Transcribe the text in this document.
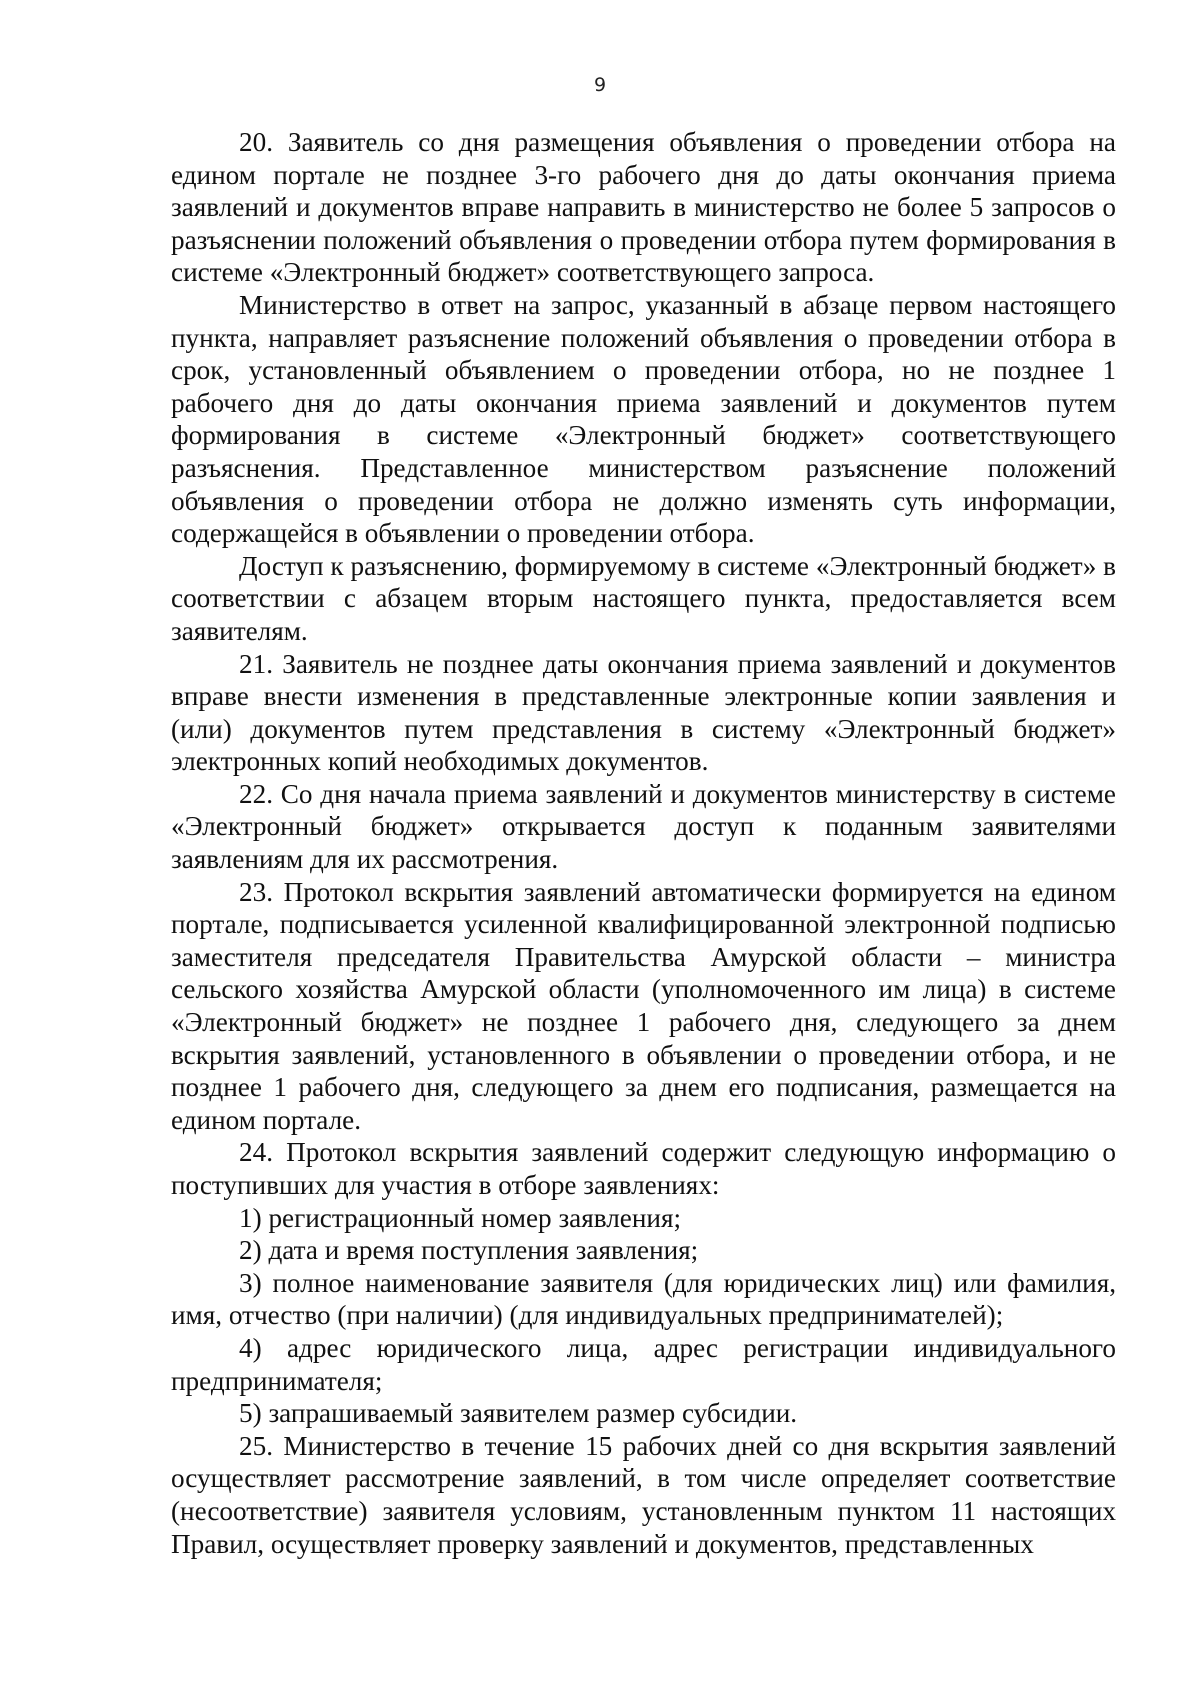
9

20. Заявитель со дня размещения объявления о проведении отбора на едином портале не позднее 3-го рабочего дня до даты окончания приема заявлений и документов вправе направить в министерство не более 5 запросов о разъяснении положений объявления о проведении отбора путем формирования в системе «Электронный бюджет» соответствующего запроса.

Министерство в ответ на запрос, указанный в абзаце первом настоящего пункта, направляет разъяснение положений объявления о проведении отбора в срок, установленный объявлением о проведении отбора, но не позднее 1 рабочего дня до даты окончания приема заявлений и документов путем формирования в системе «Электронный бюджет» соответствующего разъяснения. Представленное министерством разъяснение положений объявления о проведении отбора не должно изменять суть информации, содержащейся в объявлении о проведении отбора.

Доступ к разъяснению, формируемому в системе «Электронный бюджет» в соответствии с абзацем вторым настоящего пункта, предоставляется всем заявителям.

21. Заявитель не позднее даты окончания приема заявлений и документов вправе внести изменения в представленные электронные копии заявления и (или) документов путем представления в систему «Электронный бюджет» электронных копий необходимых документов.

22. Со дня начала приема заявлений и документов министерству в системе «Электронный бюджет» открывается доступ к поданным заявителями заявлениям для их рассмотрения.

23. Протокол вскрытия заявлений автоматически формируется на едином портале, подписывается усиленной квалифицированной электронной подписью заместителя председателя Правительства Амурской области – министра сельского хозяйства Амурской области (уполномоченного им лица) в системе «Электронный бюджет» не позднее 1 рабочего дня, следующего за днем вскрытия заявлений, установленного в объявлении о проведении отбора, и не позднее 1 рабочего дня, следующего за днем его подписания, размещается на едином портале.

24. Протокол вскрытия заявлений содержит следующую информацию о поступивших для участия в отборе заявлениях:

1) регистрационный номер заявления;

2) дата и время поступления заявления;

3) полное наименование заявителя (для юридических лиц) или фамилия, имя, отчество (при наличии) (для индивидуальных предпринимателей);

4) адрес юридического лица, адрес регистрации индивидуального предпринимателя;

5) запрашиваемый заявителем размер субсидии.

25. Министерство в течение 15 рабочих дней со дня вскрытия заявлений осуществляет рассмотрение заявлений, в том числе определяет соответствие (несоответствие) заявителя условиям, установленным пунктом 11 настоящих Правил, осуществляет проверку заявлений и документов, представленных
